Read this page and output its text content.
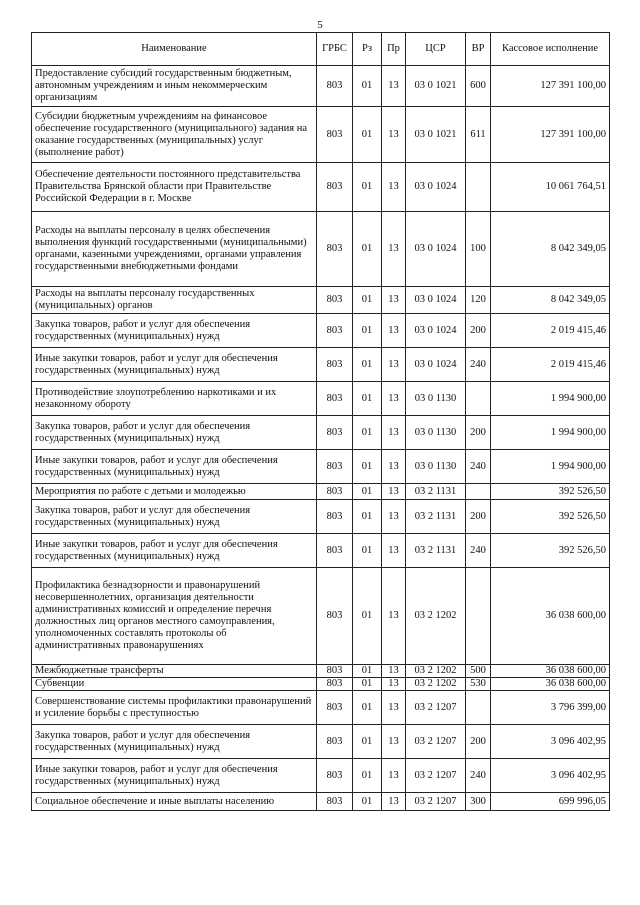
5
Наименование	ГРБС	Рз	Пр	ЦСР	ВР	Кассовое исполнение
Предоставление субсидий государственным бюджетным, автономным учреждениям и иным некоммерческим организациям	803	01	13	03 0 1021	600	127 391 100,00
Субсидии бюджетным учреждениям на финансовое обеспечение государственного (муниципального) задания на оказание государственных (муниципальных) услуг (выполнение работ)	803	01	13	03 0 1021	611	127 391 100,00
Обеспечение деятельности постоянного представительства Правительства Брянской области при Правительстве Российской Федерации в г. Москве	803	01	13	03 0 1024		10 061 764,51
Расходы на выплаты персоналу в целях обеспечения выполнения функций государственными (муниципальными) органами, казенными учреждениями, органами управления государственными внебюджетными фондами	803	01	13	03 0 1024	100	8 042 349,05
Расходы на выплаты персоналу государственных (муниципальных) органов	803	01	13	03 0 1024	120	8 042 349,05
Закупка товаров, работ и услуг для обеспечения государственных (муниципальных) нужд	803	01	13	03 0 1024	200	2 019 415,46
Иные закупки товаров, работ и услуг для обеспечения государственных (муниципальных) нужд	803	01	13	03 0 1024	240	2 019 415,46
Противодействие злоупотреблению наркотиками и их незаконному обороту	803	01	13	03 0 1130		1 994 900,00
Закупка товаров, работ и услуг для обеспечения государственных (муниципальных) нужд	803	01	13	03 0 1130	200	1 994 900,00
Иные закупки товаров, работ и услуг для обеспечения государственных (муниципальных) нужд	803	01	13	03 0 1130	240	1 994 900,00
Мероприятия по работе с детьми и молодежью	803	01	13	03 2 1131		392 526,50
Закупка товаров, работ и услуг для обеспечения государственных (муниципальных) нужд	803	01	13	03 2 1131	200	392 526,50
Иные закупки товаров, работ и услуг для обеспечения государственных (муниципальных) нужд	803	01	13	03 2 1131	240	392 526,50
Профилактика безнадзорности и правонарушений несовершеннолетних, организация деятельности административных комиссий и определение перечня должностных лиц органов местного самоуправления, уполномоченных составлять протоколы об административных правонарушениях	803	01	13	03 2 1202		36 038 600,00
Межбюджетные трансферты	803	01	13	03 2 1202	500	36 038 600,00
Субвенции	803	01	13	03 2 1202	530	36 038 600,00
Совершенствование системы профилактики правонарушений и усиление борьбы с преступностью	803	01	13	03 2 1207		3 796 399,00
Закупка товаров, работ и услуг для обеспечения государственных (муниципальных) нужд	803	01	13	03 2 1207	200	3 096 402,95
Иные закупки товаров, работ и услуг для обеспечения государственных (муниципальных) нужд	803	01	13	03 2 1207	240	3 096 402,95
Социальное обеспечение и иные выплаты населению	803	01	13	03 2 1207	300	699 996,05
